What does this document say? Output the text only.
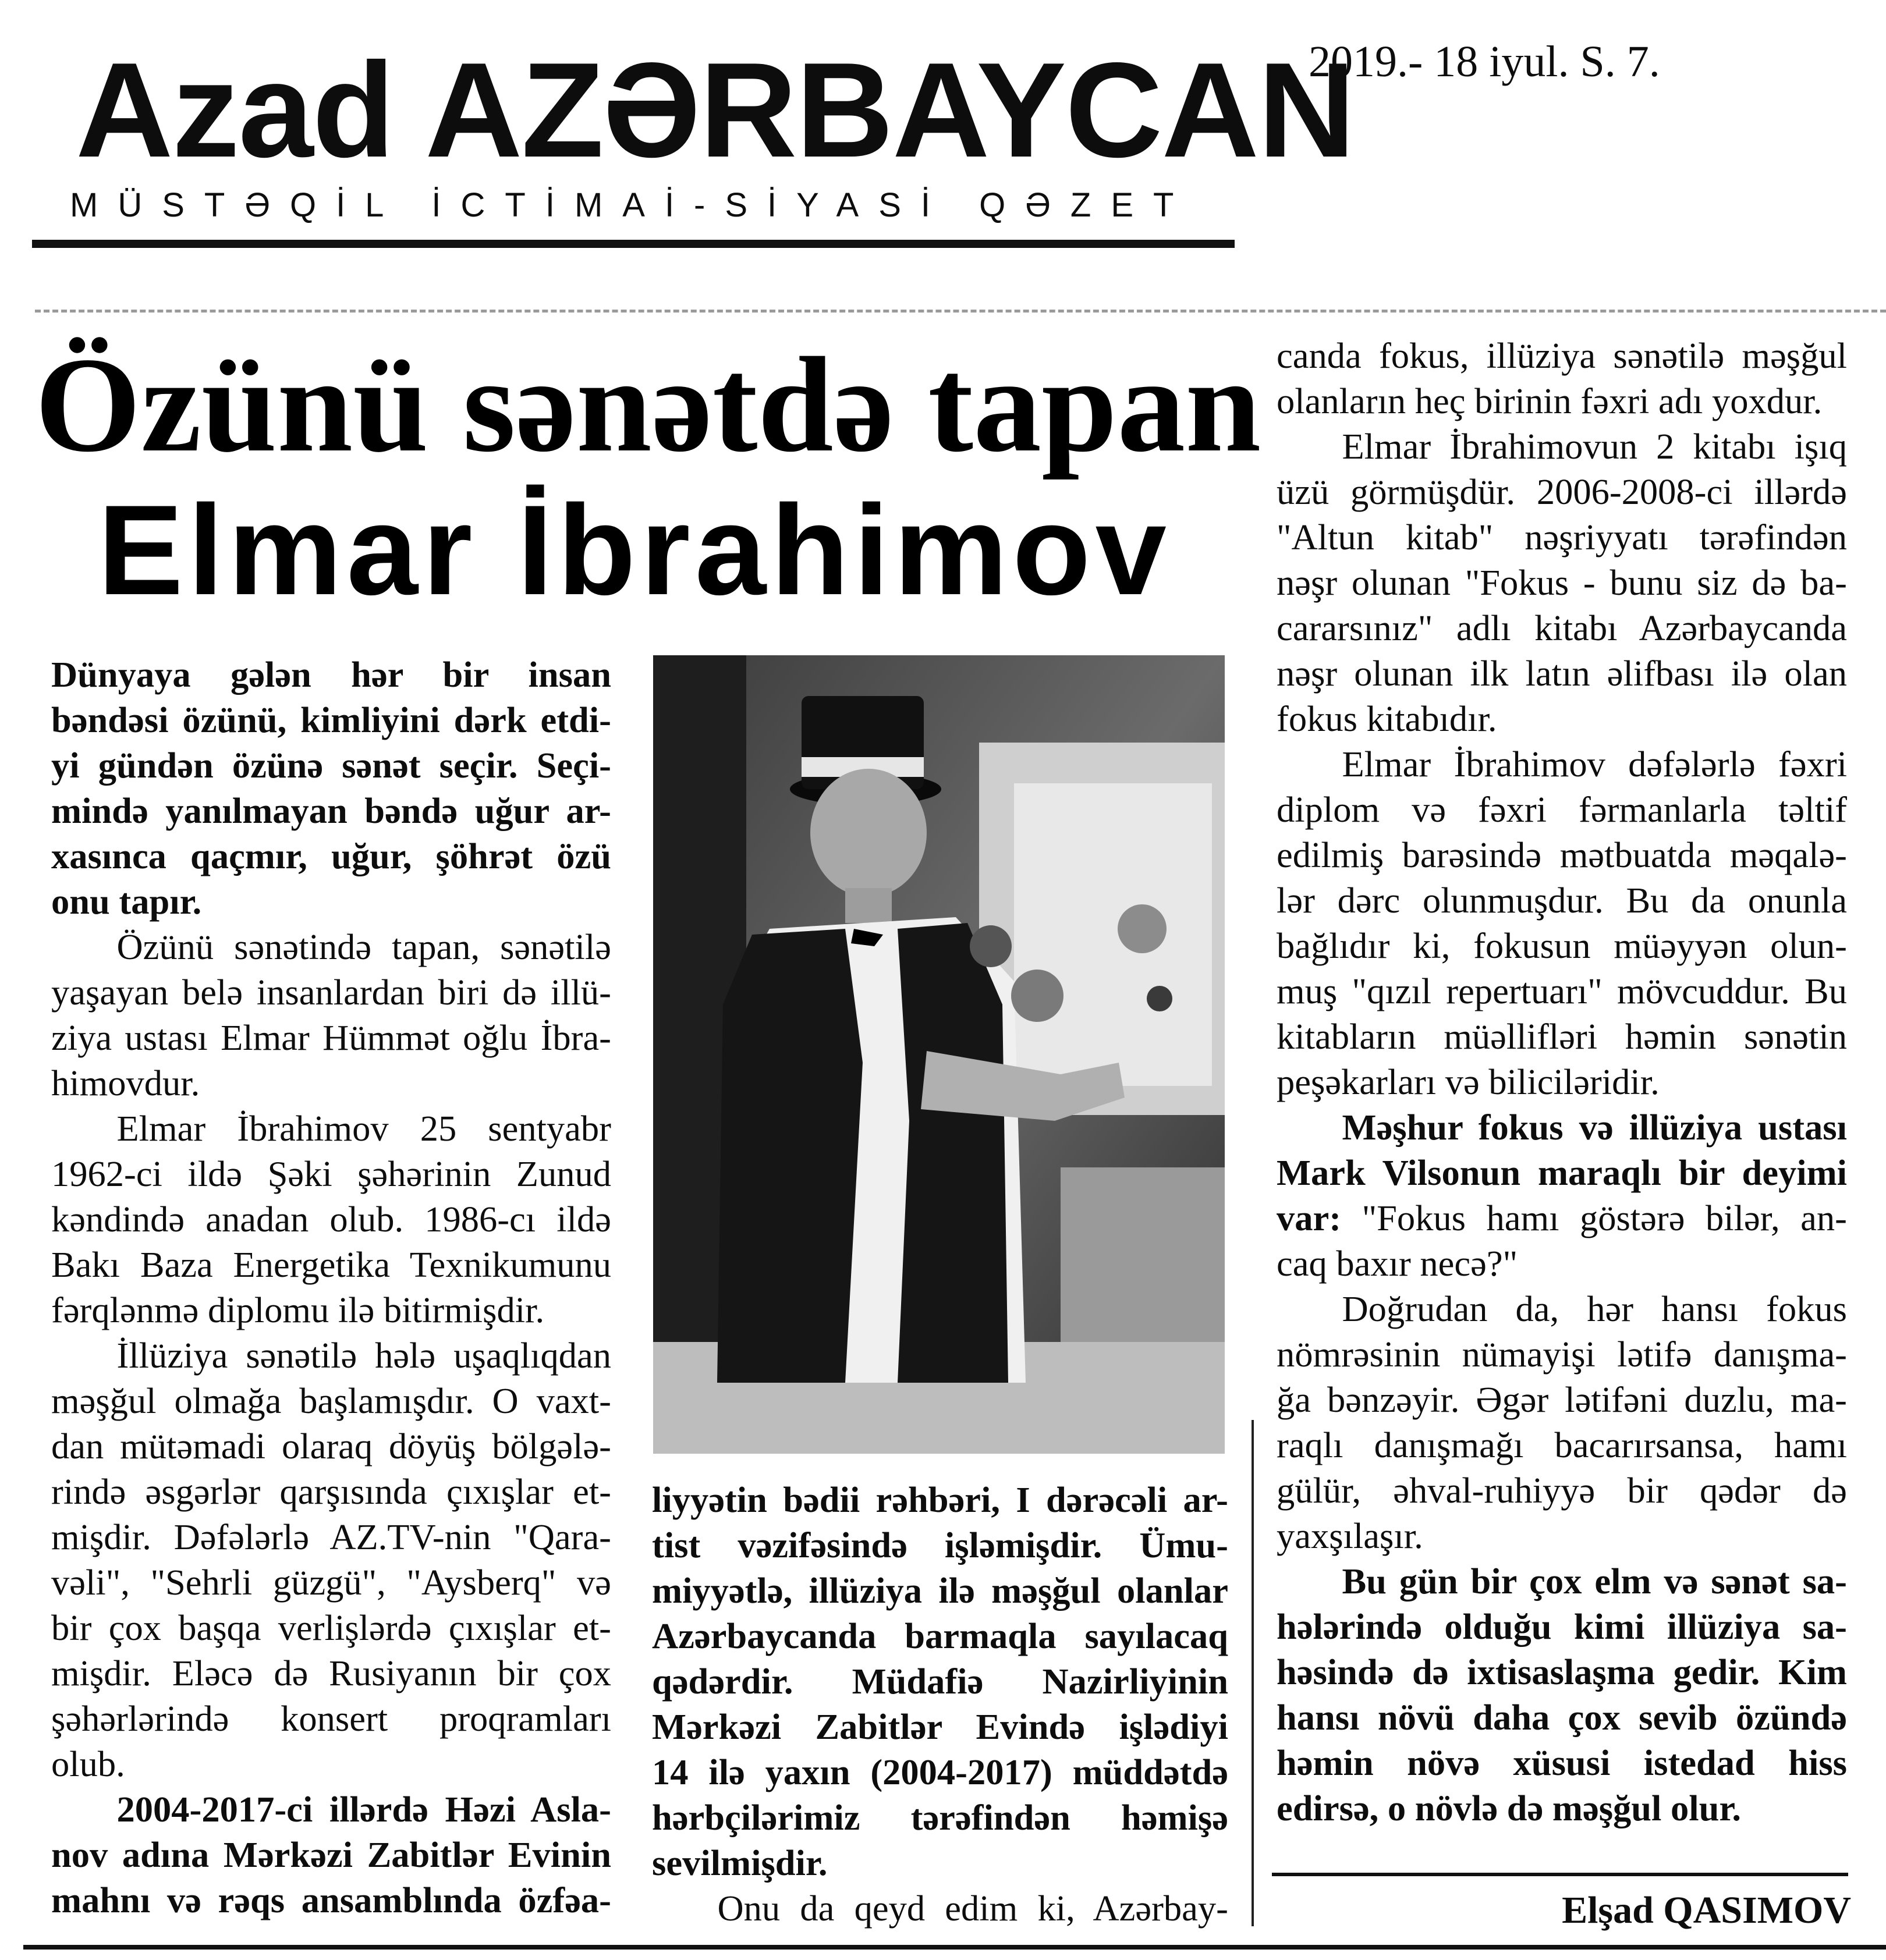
Azad AZƏRBAYCAN
MÜSTƏQİL İCTİMAİ-SİYASİ QƏZET
2019.- 18 iyul. S. 7.
Özünü sənətdə tapan
Elmar İbrahimov

Dünyaya gələn hər bir insan

bəndəsi özünü, kimliyini dərk etdi-

yi gündən özünə sənət seçir. Seçi-

mində yanılmayan bəndə uğur ar-

xasınca qaçmır, uğur, şöhrət özü

onu tapır.

Özünü sənətində tapan, sənətilə

yaşayan belə insanlardan biri də illü-

ziya ustası Elmar Hümmət oğlu İbra-

himovdur.

Elmar İbrahimov 25 sentyabr

1962-ci ildə Şəki şəhərinin Zunud

kəndində anadan olub. 1986-cı ildə

Bakı Baza Energetika Texnikumunu

fərqlənmə diplomu ilə bitirmişdir.

İllüziya sənətilə hələ uşaqlıqdan

məşğul olmağa başlamışdır. O vaxt-

dan mütəmadi olaraq döyüş bölgələ-

rində əsgərlər qarşısında çıxışlar et-

mişdir. Dəfələrlə AZ.TV-nin "Qara-

vəli", "Sehrli güzgü", "Aysberq" və

bir çox başqa verlişlərdə çıxışlar et-

mişdir. Eləcə də Rusiyanın bir çox

şəhərlərində konsert proqramları

olub.

2004-2017-ci illərdə Həzi Asla-

nov adına Mərkəzi Zabitlər Evinin

mahnı və rəqs ansamblında özfəa-

liyyətin bədii rəhbəri, I dərəcəli ar-

tist vəzifəsində işləmişdir. Ümu-

miyyətlə, illüziya ilə məşğul olanlar

Azərbaycanda barmaqla sayılacaq

qədərdir. Müdafiə Nazirliyinin

Mərkəzi Zabitlər Evində işlədiyi

14 ilə yaxın (2004-2017) müddətdə

hərbçilərimiz tərəfindən həmişə

sevilmişdir.

Onu da qeyd edim ki, Azərbay-

canda fokus, illüziya sənətilə məşğul

olanların heç birinin fəxri adı yoxdur.

Elmar İbrahimovun 2 kitabı işıq

üzü görmüşdür. 2006-2008-ci illərdə

"Altun kitab" nəşriyyatı tərəfindən

nəşr olunan "Fokus - bunu siz də ba-

cararsınız" adlı kitabı Azərbaycanda

nəşr olunan ilk latın əlifbası ilə olan

fokus kitabıdır.

Elmar İbrahimov dəfələrlə fəxri

diplom və fəxri fərmanlarla təltif

edilmiş barəsində mətbuatda məqalə-

lər dərc olunmuşdur. Bu da onunla

bağlıdır ki, fokusun müəyyən olun-

muş "qızıl repertuarı" mövcuddur. Bu

kitabların müəllifləri həmin sənətin

peşəkarları və biliciləridir.

Məşhur fokus və illüziya ustası

Mark Vilsonun maraqlı bir deyimi

var: "Fokus hamı göstərə bilər, an-

caq baxır necə?"

Doğrudan da, hər hansı fokus

nömrəsinin nümayişi lətifə danışma-

ğa bənzəyir. Əgər lətifəni duzlu, ma-

raqlı danışmağı bacarırsansa, hamı

gülür, əhval-ruhiyyə bir qədər də

yaxşılaşır.

Bu gün bir çox elm və sənət sa-

hələrində olduğu kimi illüziya sa-

həsində də ixtisaslaşma gedir. Kim

hansı növü daha çox sevib özündə

həmin növə xüsusi istedad hiss

edirsə, o növlə də məşğul olur.

Elşad QASIMOV
